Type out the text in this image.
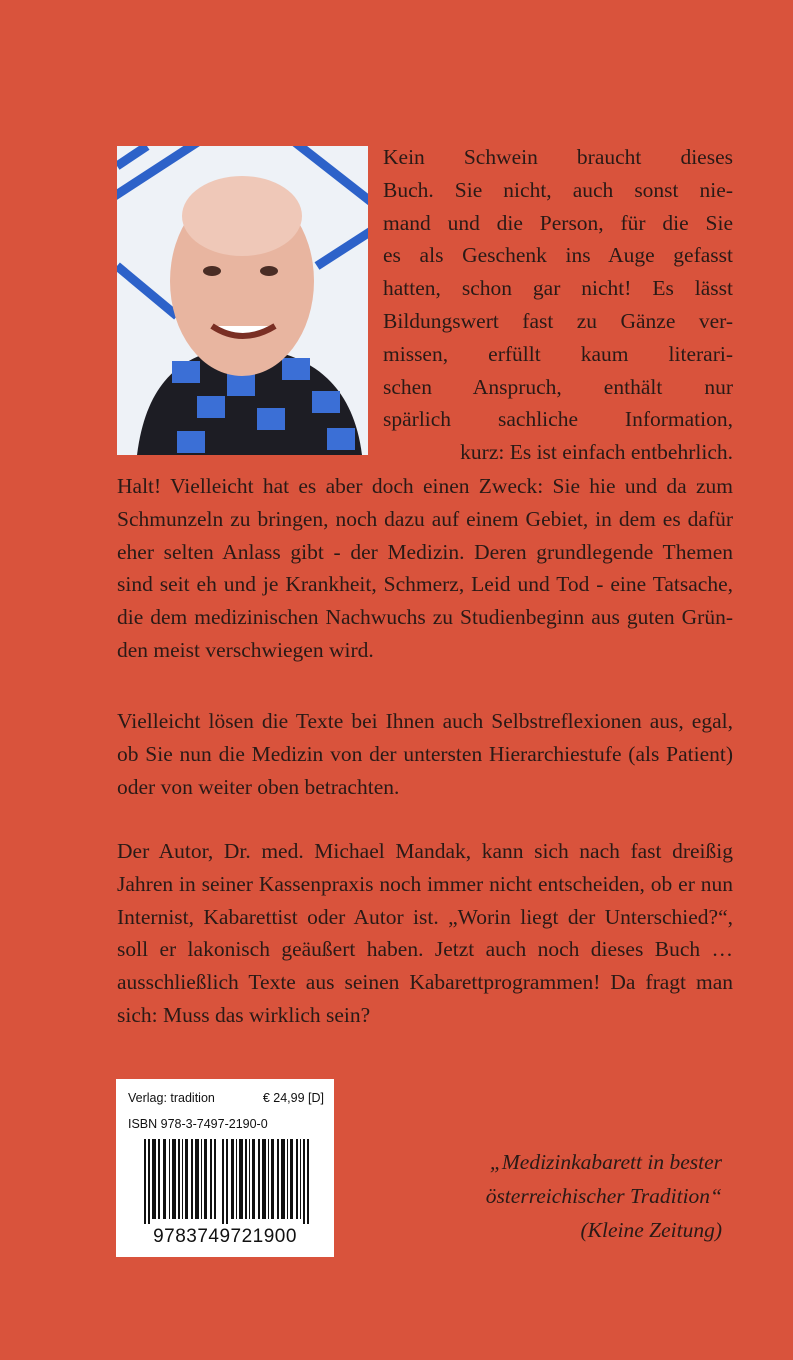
Kein Schwein braucht dieses
Buch. Sie nicht, auch sonst nie-
mand und die Person, für die Sie
es als Geschenk ins Auge gefasst
hatten, schon gar nicht! Es lässt
Bildungswert fast zu Gänze ver-
missen, erfüllt kaum literari-
schen Anspruch, enthält nur
spärlich sachliche Information,
kurz: Es ist einfach entbehrlich.

Halt! Vielleicht hat es aber doch einen Zweck: Sie hie und da zum Schmunzeln zu bringen, noch dazu auf einem Gebiet, in dem es dafür eher selten Anlass gibt - der Medizin. Deren grundlegende Themen sind seit eh und je Krankheit, Schmerz, Leid und Tod - eine Tatsache, die dem medizinischen Nachwuchs zu Studienbeginn aus guten Gründen meist verschwiegen wird.

Vielleicht lösen die Texte bei Ihnen auch Selbstreflexionen aus, egal, ob Sie nun die Medizin von der untersten Hierarchiestufe (als Patient) oder von weiter oben betrachten.

Der Autor, Dr. med. Michael Mandak, kann sich nach fast dreißig Jahren in seiner Kassenpraxis noch immer nicht entscheiden, ob er nun Internist, Kabarettist oder Autor ist. „Worin liegt der Unterschied?“, soll er lakonisch geäußert haben. Jetzt auch noch dieses Buch … ausschließlich Texte aus seinen Kabarettprogrammen! Da fragt man sich: Muss das wirklich sein?

Verlag: tradition	€ 24,99 [D]
ISBN 978-3-7497-2190-0
9783749721900
„Medizinkabarett in bester
österreichischer Tradition“
(Kleine Zeitung)
